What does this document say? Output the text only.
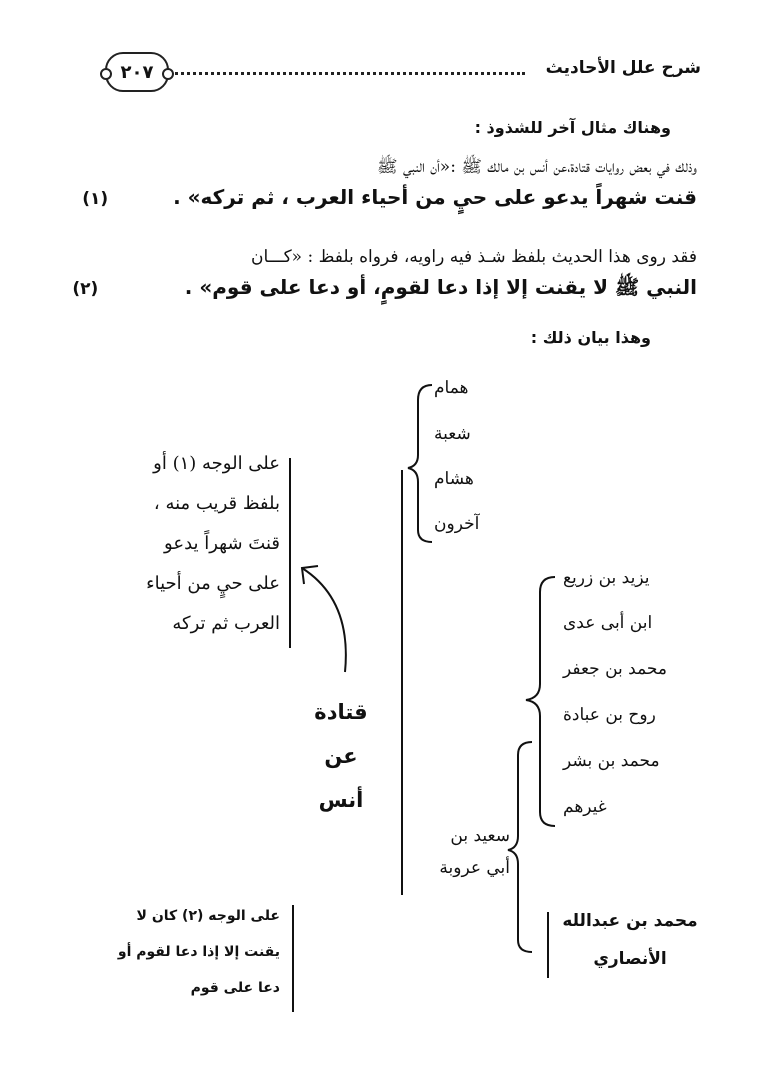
شرح علل الأحاديث
٢٠٧
وهناك مثال آخر للشذوذ :
وذلك في بعض روايات قتادة،عن أنس بن مالك ﷺ :«أن النبي ﷺ
قنت شهراً يدعو على حيٍ من أحياء العرب ، ثم تركه» .            (١)
فقد روى هذا الحديث بلفظ شـذ فيه راويه، فرواه بلفظ : «كـــان
النبي ﷺ لا يقنت إلا إذا دعا لقومٍ، أو دعا على قوم» .                (٢)
وهذا بيان ذلك :
قتادة عن
أنس
همام
شعبة
هشام
آخرون
يزيد بن زريع
ابن أبى عدى
محمد بن جعفر
روح بن عبادة
محمد بن بشر
غيرهم
سعيد بن
أبي عروبة
محمد بن عبدالله
الأنصاري
على الوجه (١) أو
بلفظ قريب منه ،
قنتَ شهراً يدعو
على حيٍ من أحياء
العرب ثم تركه
على الوجه (٢) كان لا
يقنت إلا إذا دعا لقوم أو
دعا على قوم
